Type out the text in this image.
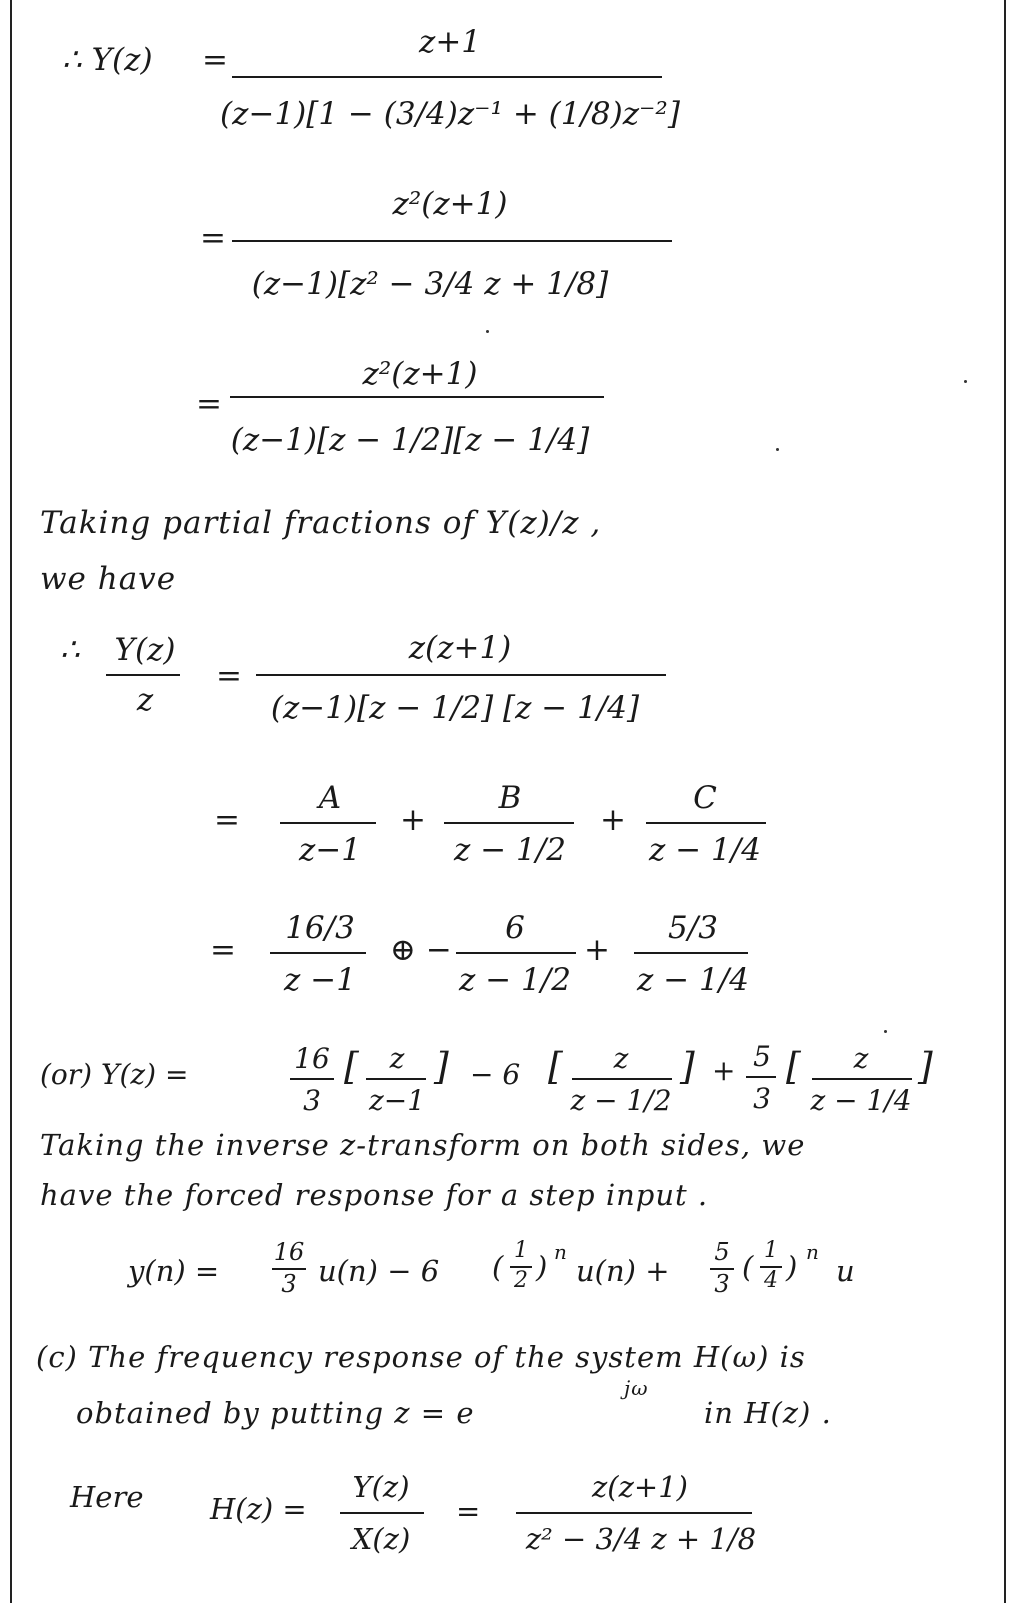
∴ Y(z) =	z+1
(z−1)[1 − (3/4)z⁻¹ + (1/8)z⁻²]
=
z²(z+1)
(z−1)[z² − 3/4 z + 1/8]
=
z²(z+1)
(z−1)[z − 1/2][z − 1/4]
Taking partial fractions of Y(z)/z ,
we have
∴	Y(z)
z
=
z(z+1)
(z−1)[z − 1/2] [z − 1/4]
=
A
z−1
+
B
z − 1/2
+
C
z − 1/4
=
16/3
z −1
⊕ −
6
z − 1/2
+
5/3
z − 1/4
(or) Y(z) =	16
3
[	z
z−1
] − 6 [	z
z − 1/2
] + 5
3
[	z
z − 1/4
]
Taking the inverse z-transform on both sides, we
have the forced response for a step input .
y(n) =
16
3 u(n) − 6 ( 1
2 ) n
u(n) +
5
3 ( 1
4 ) n
u
(c) The frequency response of the system H(ω) is
obtained by putting z = e
jω
in H(z) .
Here H(z) =
Y(z)
X(z)
=
z(z+1)
z² − 3/4 z + 1/8
